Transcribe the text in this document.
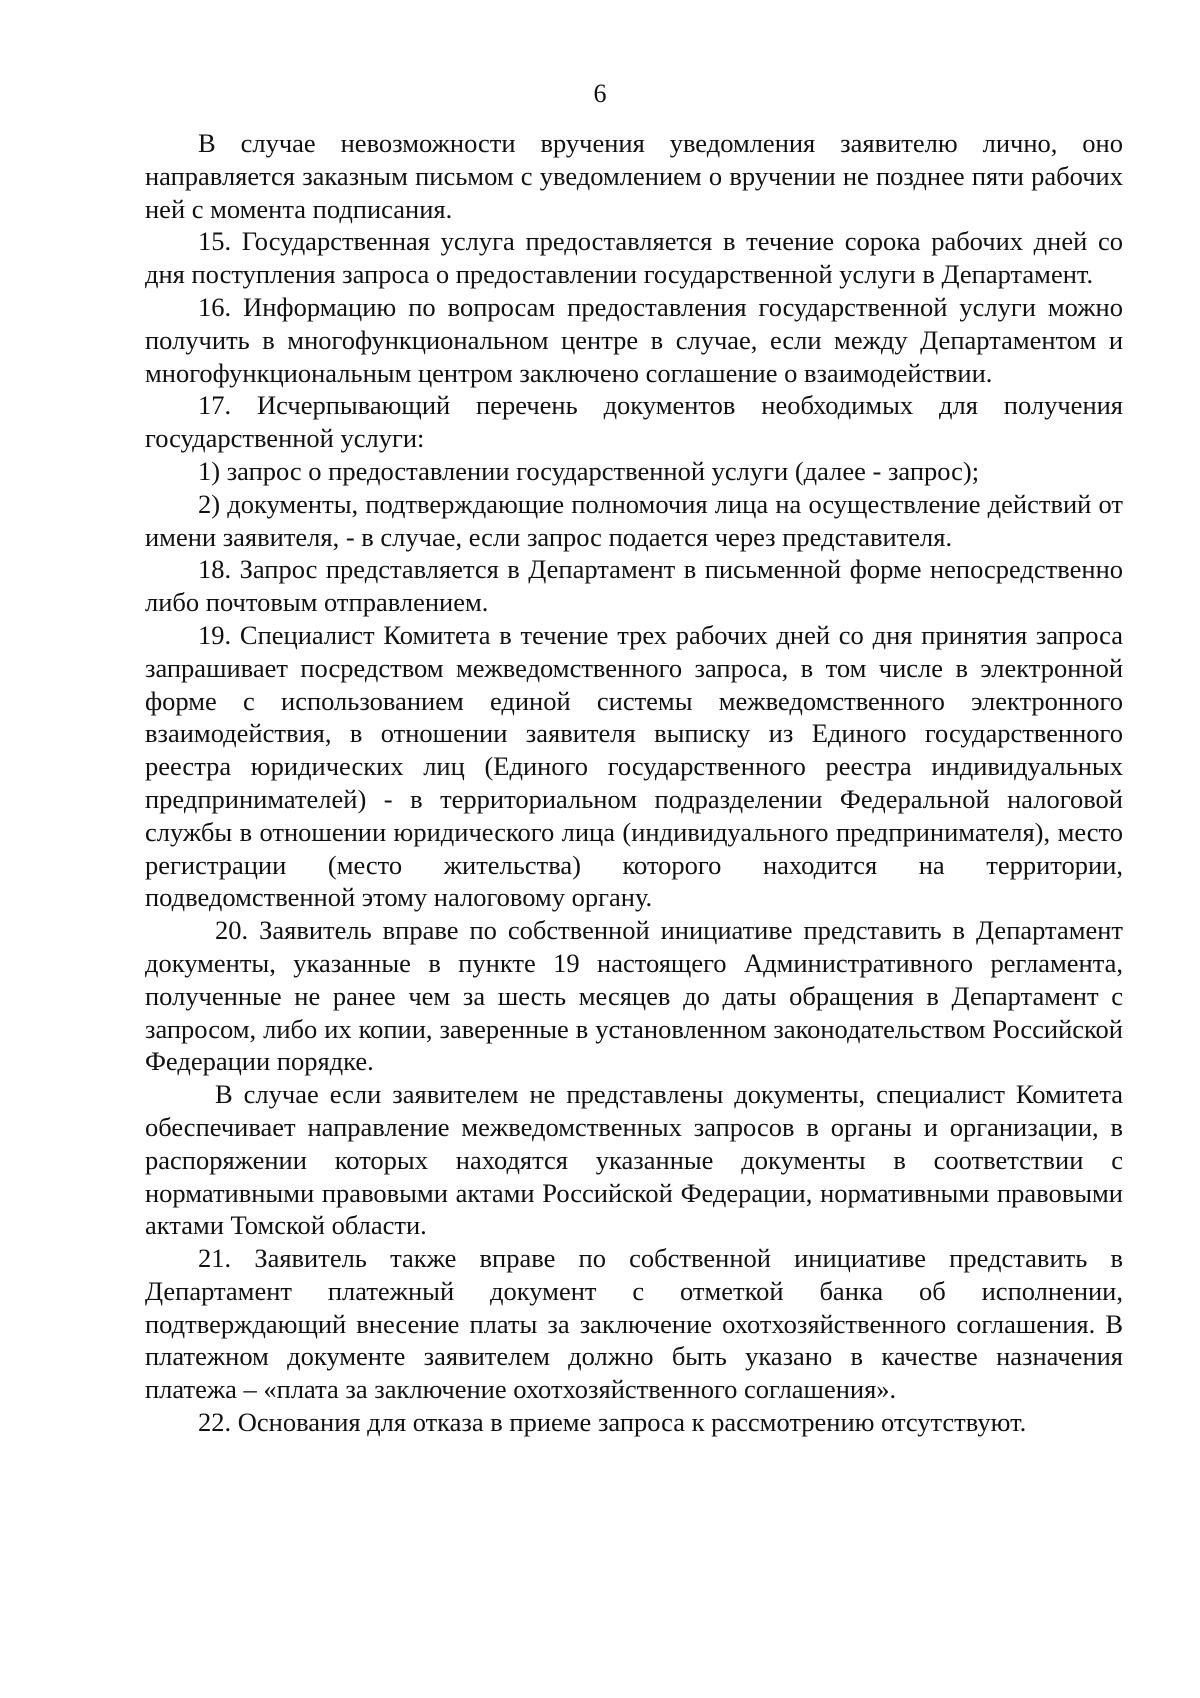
6

В случае невозможности вручения уведомления заявителю лично, оно направляется заказным письмом с уведомлением о вручении не позднее пяти рабочих ней с момента подписания.

15. Государственная услуга предоставляется в течение сорока рабочих дней со дня поступления запроса о предоставлении государственной услуги в Департамент.

16. Информацию по вопросам предоставления государственной услуги можно получить в многофункциональном центре в случае, если между Департаментом и многофункциональным центром заключено соглашение о взаимодействии.

17. Исчерпывающий перечень документов необходимых для получения государственной услуги:

1) запрос о предоставлении государственной услуги (далее - запрос);

2) документы, подтверждающие полномочия лица на осуществление действий от имени заявителя, - в случае, если запрос подается через представителя.

18. Запрос представляется в Департамент в письменной форме непосредственно либо почтовым отправлением.

19. Специалист Комитета в течение трех рабочих дней со дня принятия запроса запрашивает посредством межведомственного запроса, в том числе в электронной форме с использованием единой системы межведомственного электронного взаимодействия, в отношении заявителя выписку из Единого государственного реестра юридических лиц (Единого государственного реестра индивидуальных предпринимателей) - в территориальном подразделении Федеральной налоговой службы в отношении юридического лица (индивидуального предпринимателя), место регистрации (место жительства) которого находится на территории, подведомственной этому налоговому органу.

20. Заявитель вправе по собственной инициативе представить в Департамент документы, указанные в пункте 19 настоящего Административного регламента, полученные не ранее чем за шесть месяцев до даты обращения в Департамент с запросом, либо их копии, заверенные в установленном законодательством Российской Федерации порядке.

В случае если заявителем не представлены документы, специалист Комитета обеспечивает направление межведомственных запросов в органы и организации, в распоряжении которых находятся указанные документы в соответствии с нормативными правовыми актами Российской Федерации, нормативными правовыми актами Томской области.

21. Заявитель также вправе по собственной инициативе представить в Департамент платежный документ с отметкой банка об исполнении, подтверждающий внесение платы за заключение охотхозяйственного соглашения. В платежном документе заявителем должно быть указано в качестве назначения платежа – «плата за заключение охотхозяйственного соглашения».

22. Основания для отказа в приеме запроса к рассмотрению отсутствуют.
